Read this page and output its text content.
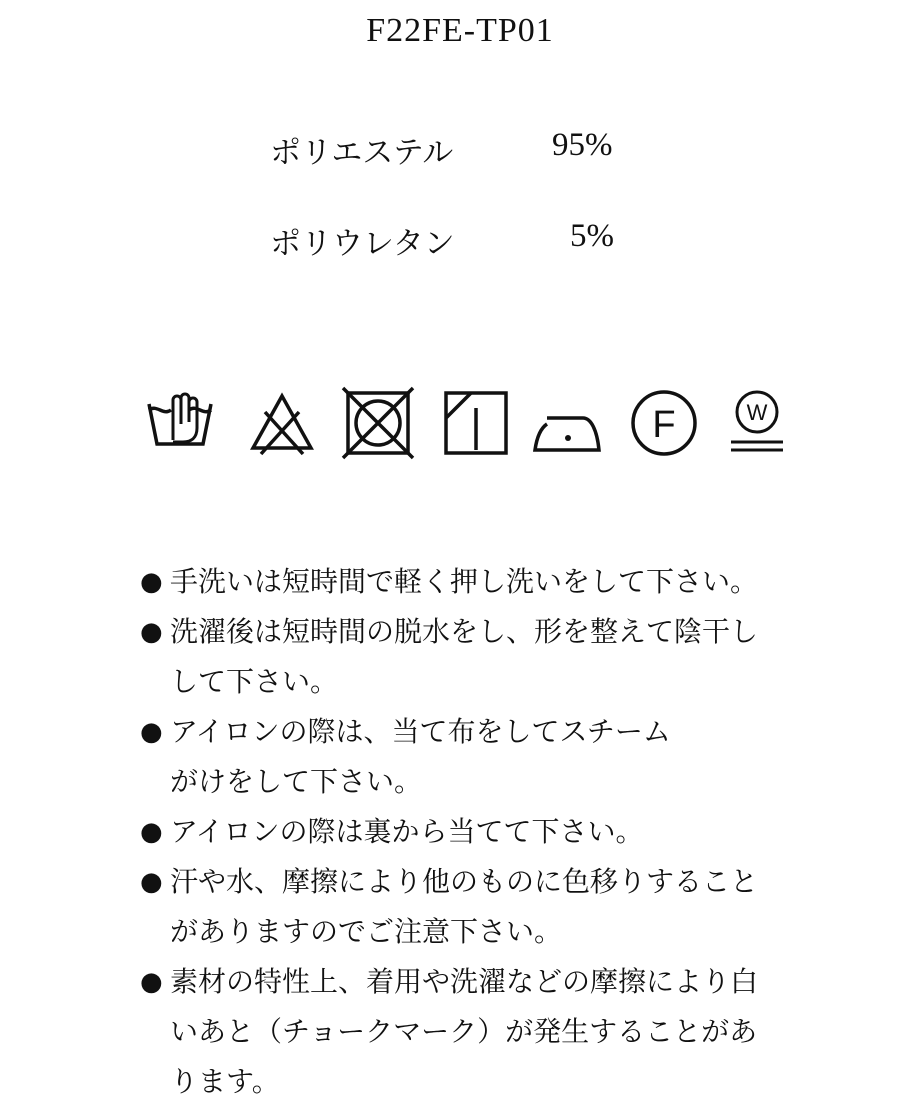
F22FE-TP01
ポリエステル	95%
ポリウレタン	5%
F	W
● 手洗いは短時間で軽く押し洗いをして下さい。
● 洗濯後は短時間の脱水をし、形を整えて陰干し
して下さい。
● アイロンの際は、当て布をしてスチーム
がけをして下さい。
● アイロンの際は裏から当てて下さい。
● 汗や水、摩擦により他のものに色移りすること
がありますのでご注意下さい。
● 素材の特性上、着用や洗濯などの摩擦により白
いあと（チョークマーク）が発生することがあ
ります。
